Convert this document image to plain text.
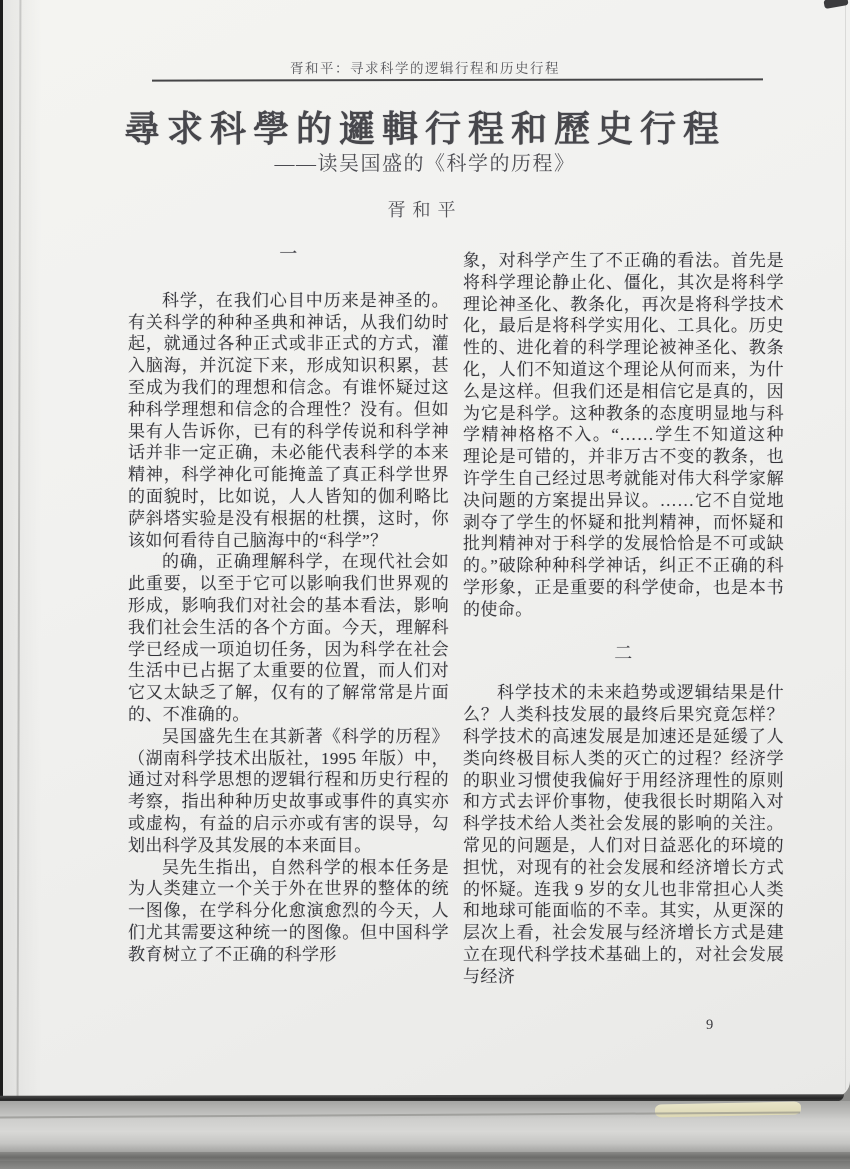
胥和平：寻求科学的逻辑行程和历史行程
尋求科學的邏輯行程和歷史行程
——读吴国盛的《科学的历程》
胥和平

一

科学，在我们心目中历来是神圣的。有关科学的种种圣典和神话，从我们幼时起，就通过各种正式或非正式的方式，灌入脑海，并沉淀下来，形成知识积累，甚至成为我们的理想和信念。有谁怀疑过这种科学理想和信念的合理性？没有。但如果有人告诉你，已有的科学传说和科学神话并非一定正确，未必能代表科学的本来精神，科学神化可能掩盖了真正科学世界的面貌时，比如说，人人皆知的伽利略比萨斜塔实验是没有根据的杜撰，这时，你该如何看待自己脑海中的“科学”？

的确，正确理解科学，在现代社会如此重要，以至于它可以影响我们世界观的形成，影响我们对社会的基本看法，影响我们社会生活的各个方面。今天，理解科学已经成一项迫切任务，因为科学在社会生活中已占据了太重要的位置，而人们对它又太缺乏了解，仅有的了解常常是片面的、不准确的。

吴国盛先生在其新著《科学的历程》（湖南科学技术出版社，1995 年版）中，通过对科学思想的逻辑行程和历史行程的考察，指出种种历史故事或事件的真实亦或虚构，有益的启示亦或有害的误导，勾划出科学及其发展的本来面目。

吴先生指出，自然科学的根本任务是为人类建立一个关于外在世界的整体的统一图像，在学科分化愈演愈烈的今天，人们尤其需要这种统一的图像。但中国科学教育树立了不正确的科学形

象，对科学产生了不正确的看法。首先是将科学理论静止化、僵化，其次是将科学理论神圣化、教条化，再次是将科学技术化，最后是将科学实用化、工具化。历史性的、进化着的科学理论被神圣化、教条化，人们不知道这个理论从何而来，为什么是这样。但我们还是相信它是真的，因为它是科学。这种教条的态度明显地与科学精神格格不入。“……学生不知道这种理论是可错的，并非万古不变的教条，也许学生自己经过思考就能对伟大科学家解决问题的方案提出异议。……它不自觉地剥夺了学生的怀疑和批判精神，而怀疑和批判精神对于科学的发展恰恰是不可或缺的。”破除种种科学神话，纠正不正确的科学形象，正是重要的科学使命，也是本书的使命。

二

科学技术的未来趋势或逻辑结果是什么？人类科技发展的最终后果究竟怎样？科学技术的高速发展是加速还是延缓了人类向终极目标人类的灭亡的过程？经济学的职业习惯使我偏好于用经济理性的原则和方式去评价事物，使我很长时期陷入对科学技术给人类社会发展的影响的关注。常见的问题是，人们对日益恶化的环境的担忧，对现有的社会发展和经济增长方式的怀疑。连我 9 岁的女儿也非常担心人类和地球可能面临的不幸。其实，从更深的层次上看，社会发展与经济增长方式是建立在现代科学技术基础上的，对社会发展与经济

9
